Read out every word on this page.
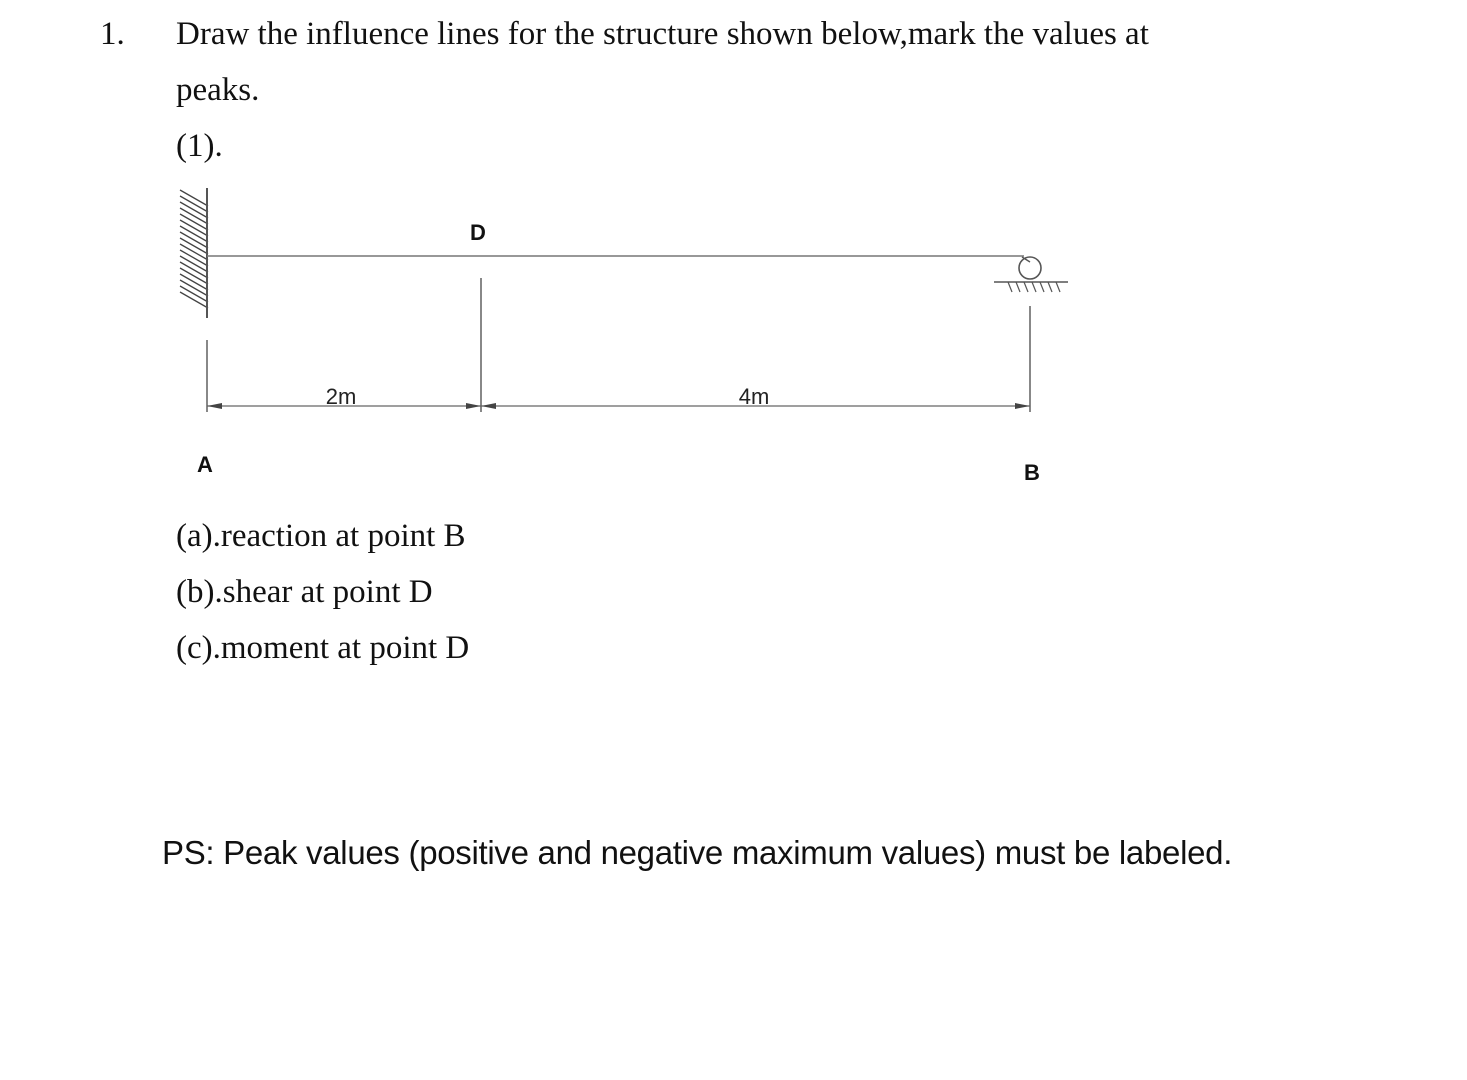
1. Draw the influence lines for the structure shown below,mark the values at
peaks.
(1).
D
2m	4m
A	B
(a).reaction at point B
(b).shear at point D
(c).moment at point D
PS: Peak values (positive and negative maximum values) must be labeled.
